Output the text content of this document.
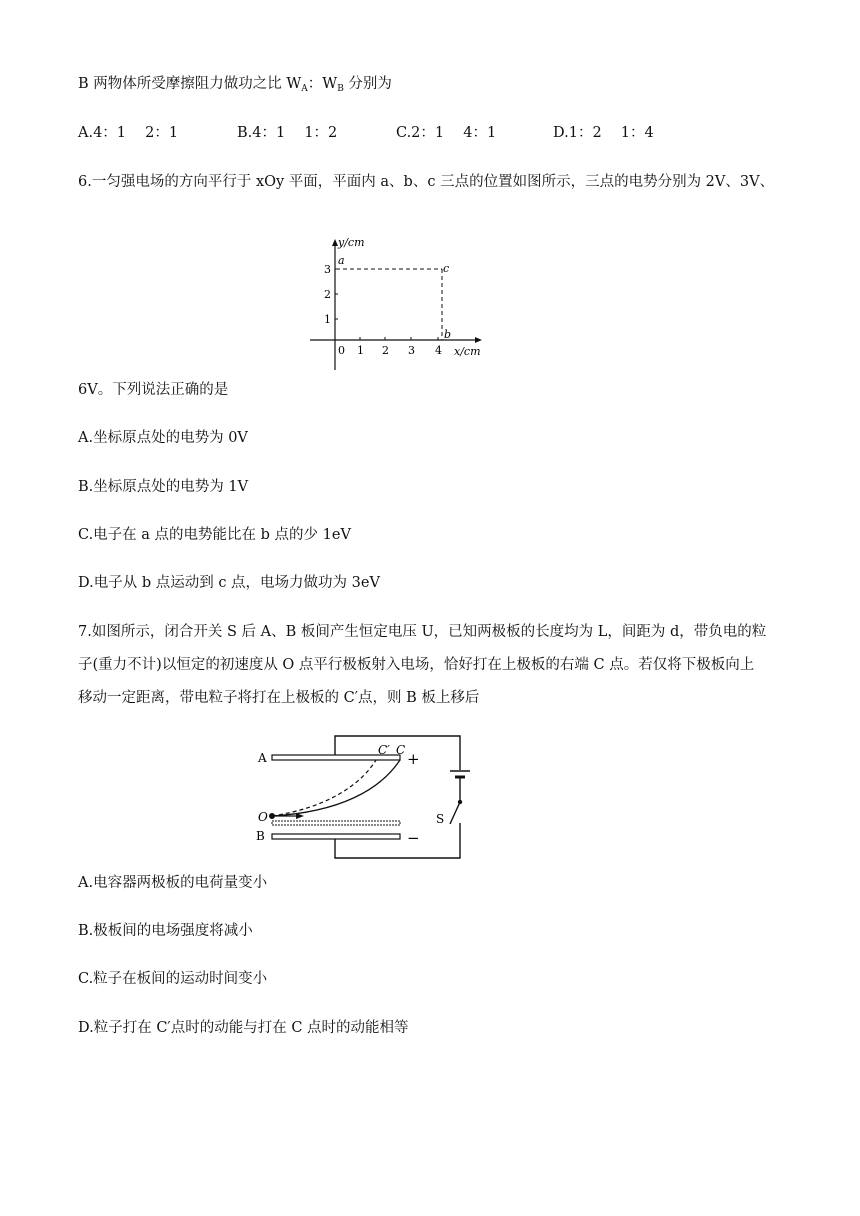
B 两物体所受摩擦阻力做功之比 $W_A$：$W_B$ 分别为
A.4：1　 2：1	B.4：1　 1：2	C.2：1　 4：1	D.1：2　 1：4
6.一匀强电场的方向平行于 xOy 平面，平面内 a、b、c 三点的位置如图所示，三点的电势分别为 2V、3V、
y/cm
x/cm
0 1 2 3 4
1
2
3
a
c
b
6V。下列说法正确的是
A.坐标原点处的电势为 0V
B.坐标原点处的电势为 1V
C.电子在 a 点的电势能比在 b 点的少 1eV
D.电子从 b 点运动到 c 点，电场力做功为 3eV
7.如图所示，闭合开关 S 后 A、B 板间产生恒定电压 U，已知两极板的长度均为 L，间距为 d，带负电的粒
子(重力不计)以恒定的初速度从 O 点平行极板射入电场，恰好打在上极板的右端 C 点。若仅将下极板向上
移动一定距离，带电粒子将打在上极板的 C′点，则 B 板上移后
A
B
O
C′ C +
−
S
A.电容器两极板的电荷量变小
B.极板间的电场强度将减小
C.粒子在板间的运动时间变小
D.粒子打在 C′点时的动能与打在 C 点时的动能相等
